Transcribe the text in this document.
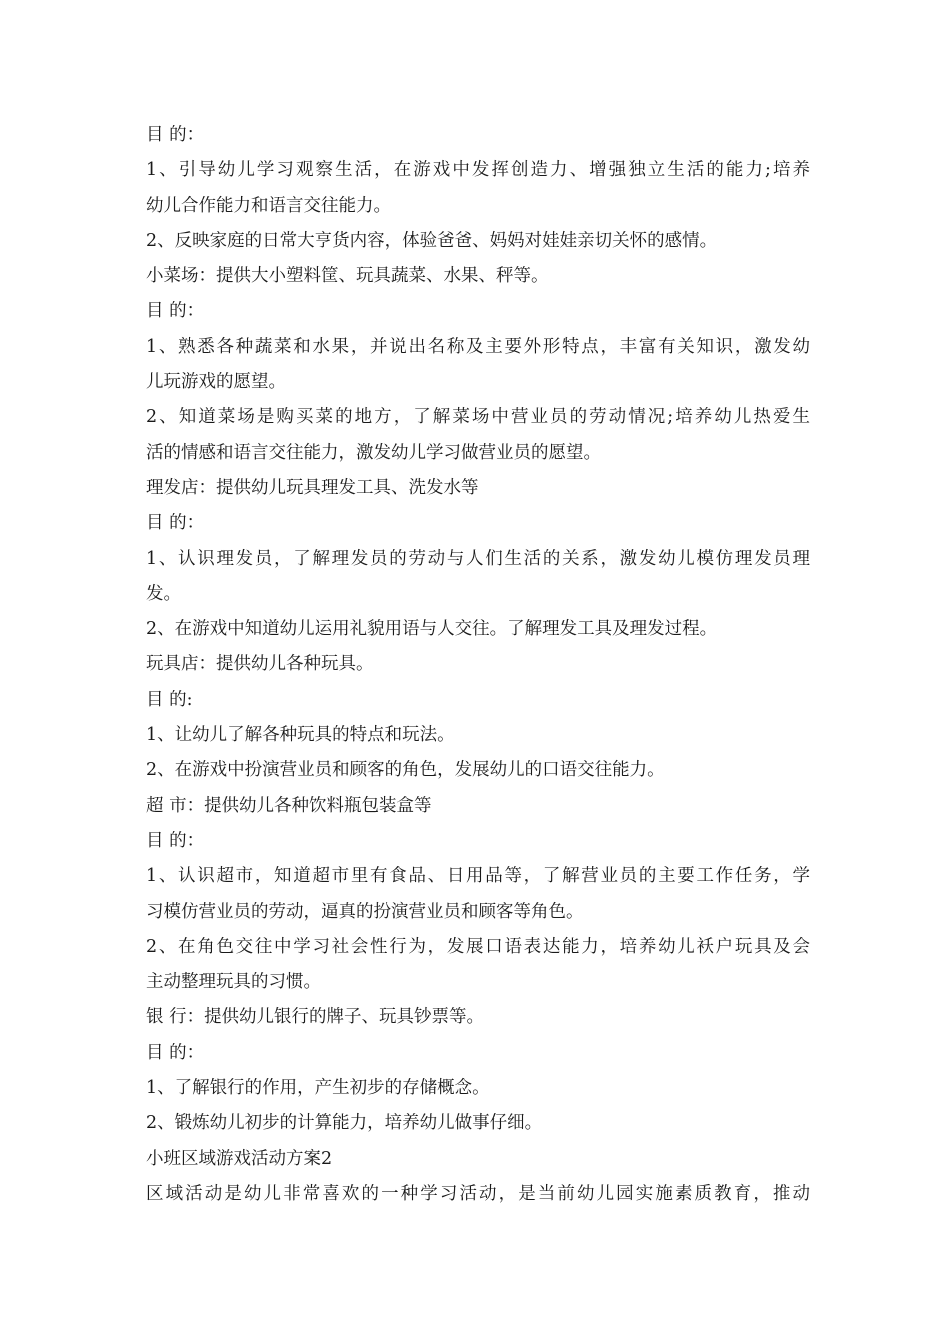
目 的：
1、引导幼儿学习观察生活，在游戏中发挥创造力、增强独立生活的能力;培养
幼儿合作能力和语言交往能力。
2、反映家庭的日常大亨货内容，体验爸爸、妈妈对娃娃亲切关怀的感情。
小菜场：提供大小塑料筐、玩具蔬菜、水果、秤等。
目 的：
1、熟悉各种蔬菜和水果，并说出名称及主要外形特点，丰富有关知识，激发幼
儿玩游戏的愿望。
2、知道菜场是购买菜的地方，了解菜场中营业员的劳动情况;培养幼儿热爱生
活的情感和语言交往能力，激发幼儿学习做营业员的愿望。
理发店：提供幼儿玩具理发工具、洗发水等
目 的：
1、认识理发员，了解理发员的劳动与人们生活的关系，激发幼儿模仿理发员理
发。
2、在游戏中知道幼儿运用礼貌用语与人交往。了解理发工具及理发过程。
玩具店：提供幼儿各种玩具。
目 的:
1、让幼儿了解各种玩具的特点和玩法。
2、在游戏中扮演营业员和顾客的角色，发展幼儿的口语交往能力。
超 市：提供幼儿各种饮料瓶包装盒等
目 的：
1、认识超市，知道超市里有食品、日用品等，了解营业员的主要工作任务，学
习模仿营业员的劳动，逼真的扮演营业员和顾客等角色。
2、在角色交往中学习社会性行为，发展口语表达能力，培养幼儿袄户玩具及会
主动整理玩具的习惯。
银 行：提供幼儿银行的牌子、玩具钞票等。
目 的：
1、了解银行的作用，产生初步的存储概念。
2、锻炼幼儿初步的计算能力，培养幼儿做事仔细。
小班区域游戏活动方案2
区域活动是幼儿非常喜欢的一种学习活动，是当前幼儿园实施素质教育，推动
